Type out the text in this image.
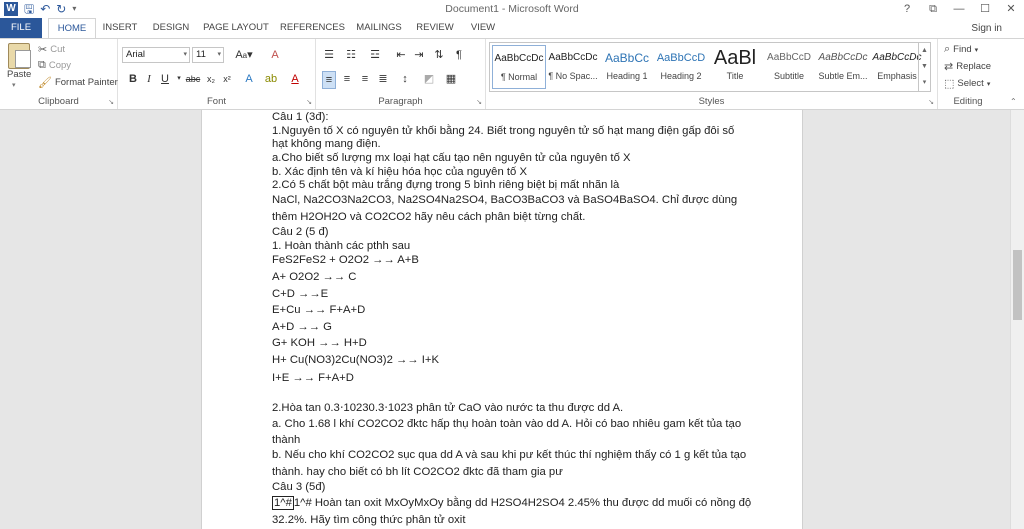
W 🖫 ↶ ↻ ▾	Document1 - Microsoft Word	?	⧉	—	☐	✕
FILE	HOME	INSERT DESIGN PAGE LAYOUT REFERENCES MAILINGS REVIEW	VIEW	Sign in
Paste
▾
✂ Cut
⧉ Copy
🖌 Format Painter
Clipboard	↘
Arial	▾ 11 ▾	Aa▾	A
B I U	▾ abc x₂ x²	A	ab	A
Font	↘
☰ ☷ ☲ ⇤ ⇥ ⇅	¶
≡	≡	≡ ≣	↕	◩ ▦
Paragraph	↘	Styles	↘
AaBbCcDc
¶ Normal
AaBbCcDc
¶ No Spac...
AaBbCc
Heading 1
AaBbCcD
Heading 2
AaBl
Title
AaBbCcD
Subtitle
AaBbCcDc
Subtle Em...
AaBbCcDc
Emphasis
▲
▼
▾
⌕ Find ▾
⇄ Replace
⬚ Select ▾
Editing	⌃
Câu 1 (3đ):
1.Nguyên tố X có nguyên tử khối bằng 24. Biết trong nguyên tử số hạt mang điện gấp đôi số
hạt không mang điện.
a.Cho biết số lượng mx loại hạt cấu tạo nên nguyên tử của nguyên tố X
b. Xác định tên và kí hiệu hóa học của nguyên tố X
2.Có 5 chất bột màu trắng đựng trong 5 bình riêng biệt bị mất nhãn là
NaCl, Na2CO3Na2CO3, Na2SO4Na2SO4, BaCO3BaCO3 và BaSO4BaSO4. Chỉ được dùng
thêm H2OH2O và CO2CO2 hãy nêu cách phân biệt từng chất.
Câu 2 (5 đ)
1. Hoàn thành các pthh sau
FeS2FeS2 + O2O2 →→ A+B
A+ O2O2 →→ C
C+D →→E
E+Cu →→ F+A+D
A+D →→ G
G+ KOH →→ H+D
H+ Cu(NO3)2Cu(NO3)2 →→ I+K
I+E →→ F+A+D
2.Hòa tan 0.3⋅10230.3⋅1023 phân tử CaO vào nước ta thu được dd A.
a. Cho 1.68 l khí CO2CO2 đktc hấp thụ hoàn toàn vào dd A. Hỏi có bao nhiêu gam kết tủa tạo
thành
b. Nếu cho khí CO2CO2 sục qua dd A và sau khi pư kết thúc thí nghiệm thấy có 1 g kết tủa tạo
thành. hay cho biết có bh lít CO2CO2 đktc đã tham gia pư
Câu 3 (5đ)
1^# 1^# Hoàn tan oxit MxOyMxOy bằng dd H2SO4H2SO4 2.45% thu được dd muối có nồng độ
32.2%. Hãy tìm công thức phân tử oxit
